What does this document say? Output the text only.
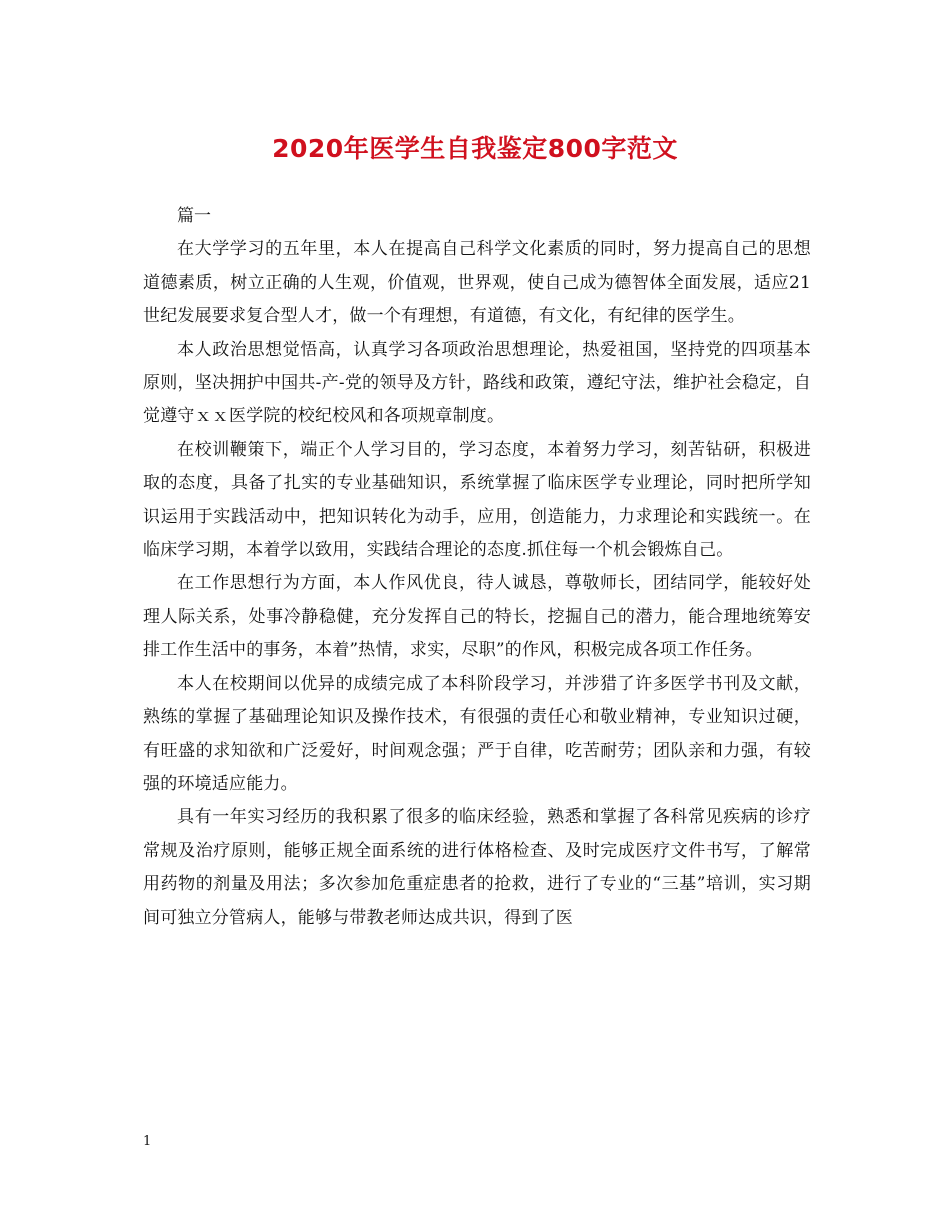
2020年医学生自我鉴定800字范文

篇一

在大学学习的五年里，本人在提高自己科学文化素质的同时，努力提高自己的思想道德素质，树立正确的人生观，价值观，世界观，使自己成为德智体全面发展，适应21世纪发展要求复合型人才，做一个有理想，有道德，有文化，有纪律的医学生。

本人政治思想觉悟高，认真学习各项政治思想理论，热爱祖国，坚持党的四项基本原则，坚决拥护中国共-产-党的领导及方针，路线和政策，遵纪守法，维护社会稳定，自觉遵守ｘｘ医学院的校纪校风和各项规章制度。

在校训鞭策下，端正个人学习目的，学习态度，本着努力学习，刻苦钻研，积极进取的态度，具备了扎实的专业基础知识，系统掌握了临床医学专业理论，同时把所学知识运用于实践活动中，把知识转化为动手，应用，创造能力，力求理论和实践统一。在临床学习期，本着学以致用，实践结合理论的态度.抓住每一个机会锻炼自己。

在工作思想行为方面，本人作风优良，待人诚恳，尊敬师长，团结同学，能较好处理人际关系，处事冷静稳健，充分发挥自己的特长，挖掘自己的潜力，能合理地统筹安排工作生活中的事务，本着”热情，求实，尽职”的作风，积极完成各项工作任务。

本人在校期间以优异的成绩完成了本科阶段学习，并涉猎了许多医学书刊及文献，熟练的掌握了基础理论知识及操作技术，有很强的责任心和敬业精神，专业知识过硬，有旺盛的求知欲和广泛爱好，时间观念强；严于自律，吃苦耐劳；团队亲和力强，有较强的环境适应能力。

具有一年实习经历的我积累了很多的临床经验，熟悉和掌握了各科常见疾病的诊疗常规及治疗原则，能够正规全面系统的进行体格检查、及时完成医疗文件书写，了解常用药物的剂量及用法；多次参加危重症患者的抢救，进行了专业的“三基”培训，实习期间可独立分管病人，能够与带教老师达成共识，得到了医

1
